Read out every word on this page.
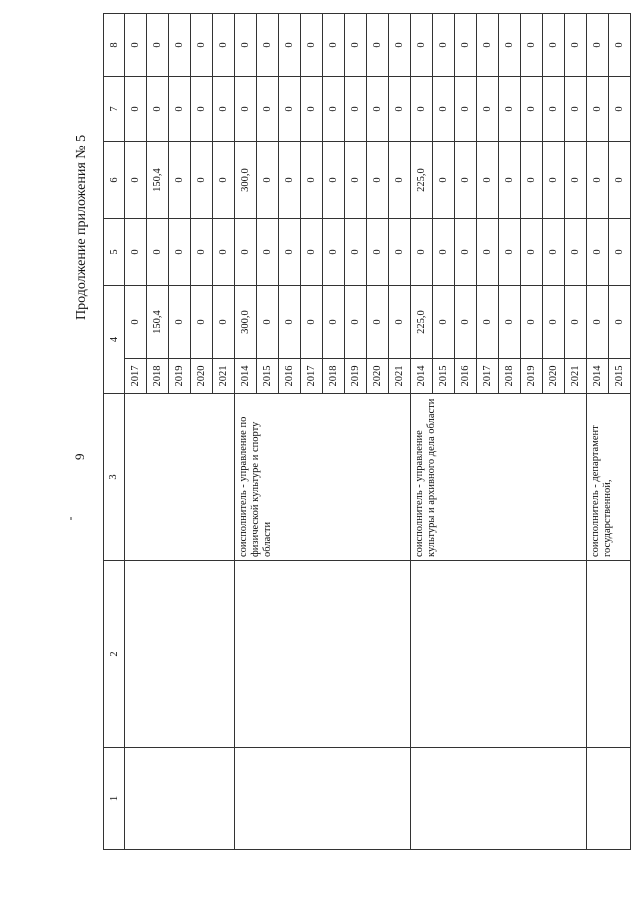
9
Продолжение приложения № 5
1	2	3	4		5	6	7	8
			2017	0	0	0	0	0
			2018	150,4	0	150,4	0	0
			2019	0	0	0	0	0
			2020	0	0	0	0	0
			2021	0	0	0	0	0
		соисполнитель - управление по физической культуре и спорту области	2014	300,0	0	300,0	0	0
			2015	0	0	0	0	0
			2016	0	0	0	0	0
			2017	0	0	0	0	0
			2018	0	0	0	0	0
			2019	0	0	0	0	0
			2020	0	0	0	0	0
			2021	0	0	0	0	0
		соисполнитель - управление культуры и архивного дела области	2014	225,0	0	225,0	0	0
			2015	0	0	0	0	0
			2016	0	0	0	0	0
			2017	0	0	0	0	0
			2018	0	0	0	0	0
			2019	0	0	0	0	0
			2020	0	0	0	0	0
			2021	0	0	0	0	0
		соисполнитель - департамент государственной,	2014	0	0	0	0	0
			2015	0	0	0	0	0
